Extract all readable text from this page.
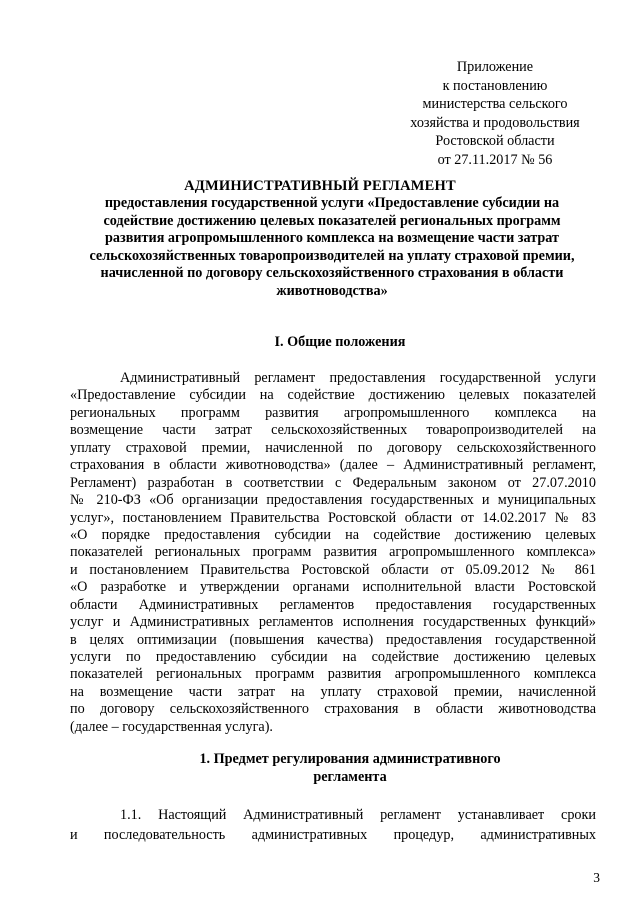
Приложение
к постановлению
министерства сельского
хозяйства и продовольствия
Ростовской области
от 27.11.2017 № 56
АДМИНИСТРАТИВНЫЙ РЕГЛАМЕНТ
предоставления государственной услуги «Предоставление субсидии на
содействие достижению целевых показателей региональных программ
развития агропромышленного комплекса на возмещение части затрат
сельскохозяйственных товаропроизводителей на уплату страховой премии,
начисленной по договору сельскохозяйственного страхования в области
животноводства»
I. Общие положения
Административный регламент предоставления государственной услуги
«Предоставление субсидии на содействие достижению целевых показателей
региональных программ развития агропромышленного комплекса на
возмещение части затрат сельскохозяйственных товаропроизводителей на
уплату страховой премии, начисленной по договору сельскохозяйственного
страхования в области животноводства» (далее – Административный регламент,
Регламент) разработан в соответствии с Федеральным законом от 27.07.2010
№ 210-ФЗ «Об организации предоставления государственных и муниципальных
услуг», постановлением Правительства Ростовской области от 14.02.2017 № 83
«О порядке предоставления субсидии на содействие достижению целевых
показателей региональных программ развития агропромышленного комплекса»
и постановлением Правительства Ростовской области от 05.09.2012 № 861
«О разработке и утверждении органами исполнительной власти Ростовской
области Административных регламентов предоставления государственных
услуг и Административных регламентов исполнения государственных функций»
в целях оптимизации (повышения качества) предоставления государственной
услуги по предоставлению субсидии на содействие достижению целевых
показателей региональных программ развития агропромышленного комплекса
на возмещение части затрат на уплату страховой премии, начисленной
по договору сельскохозяйственного страхования в области животноводства
(далее – государственная услуга).
1. Предмет регулирования административного
регламента
1.1. Настоящий Административный регламент устанавливает сроки
и последовательность административных процедур, административных
3
